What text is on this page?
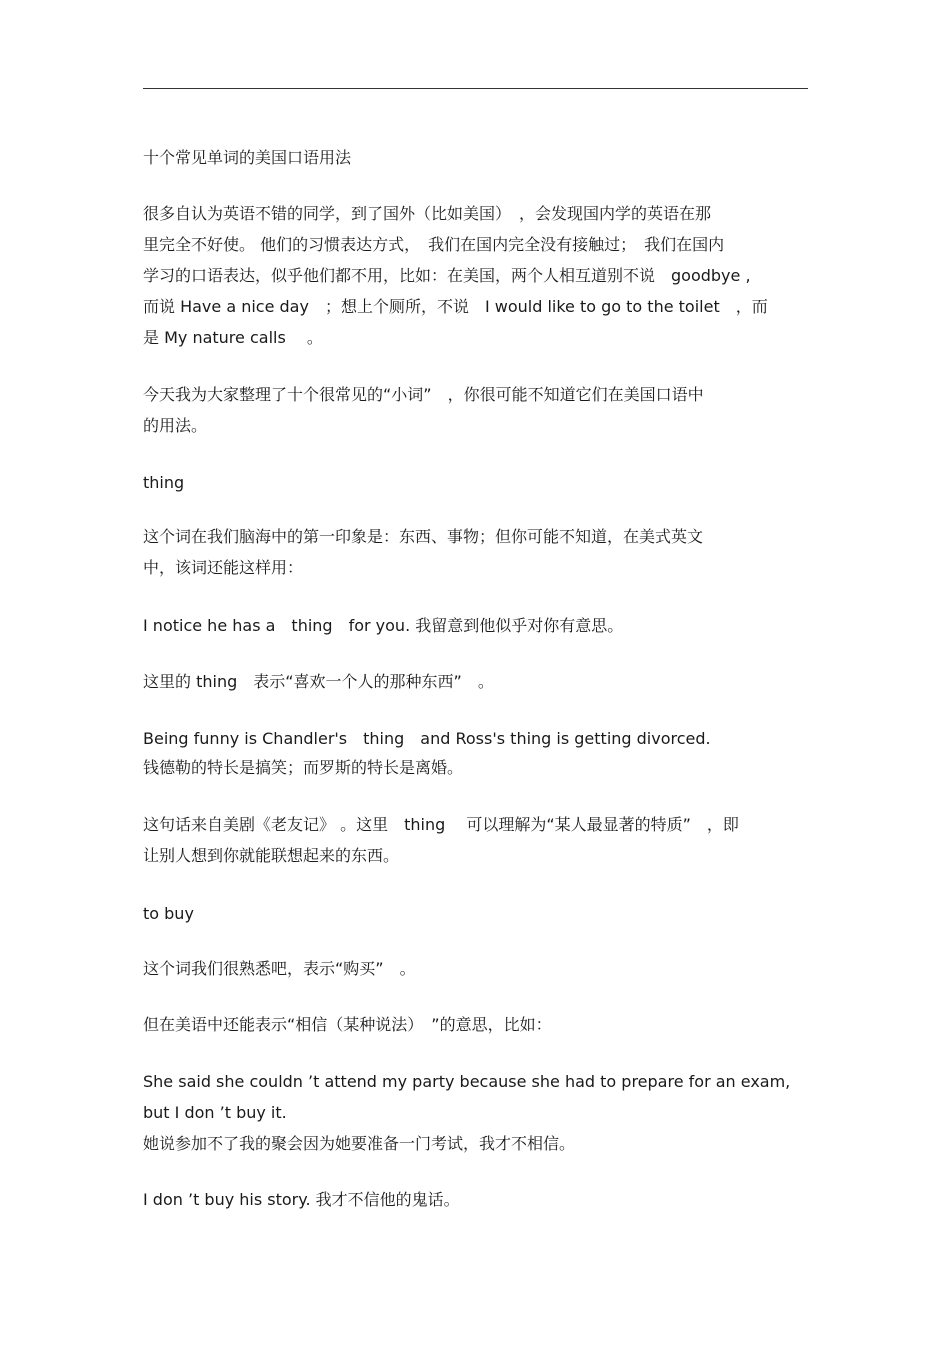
十个常见单词的美国口语用法

很多自认为英语不错的同学，到了国外（比如美国）　，会发现国内学的英语在那
里完全不好使。 他们的习惯表达方式，　我们在国内完全没有接触过；　我们在国内
学习的口语表达，似乎他们都不用，比如：在美国，两个人相互道别不说　goodbye ,
而说 Have a nice day　；想上个厕所，不说　I would like to go to the toilet　，而
是 My nature calls　 。
今天我为大家整理了十个很常见的“小词”　，你很可能不知道它们在美国口语中
的用法。

thing

这个词在我们脑海中的第一印象是：东西、事物；但你可能不知道，在美式英文
中，该词还能这样用：

I notice he has a　thing　for you. 我留意到他似乎对你有意思。

这里的 thing　表示“喜欢一个人的那种东西”　。

Being funny is Chandler's　thing　and Ross's thing is getting divorced.
钱德勒的特长是搞笑；而罗斯的特长是离婚。
这句话来自美剧《老友记》 。这里　thing　 可以理解为“某人最显著的特质”　，即
让别人想到你就能联想起来的东西。

to buy

这个词我们很熟悉吧，表示“购买”　。

但在美语中还能表示“相信（某种说法）　”的意思，比如：

She said she couldn ’t attend my party because she had to prepare for an exam,
but I don ’t buy it.
她说参加不了我的聚会因为她要准备一门考试，我才不相信。

I don ’t buy his story. 我才不信他的鬼话。
